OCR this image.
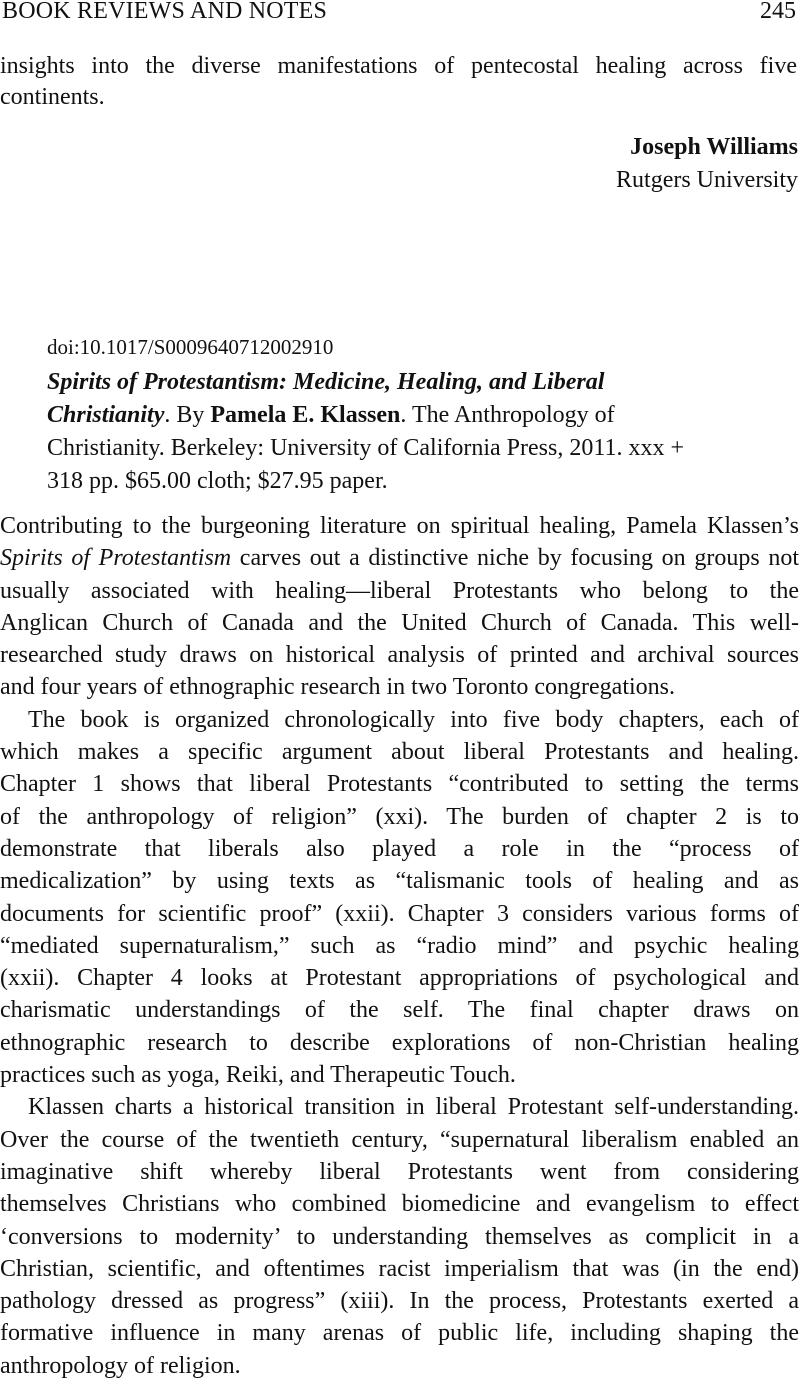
BOOK REVIEWS AND NOTES	245
insights into the diverse manifestations of pentecostal healing across five
continents.
Joseph Williams
Rutgers University
doi:10.1017/S0009640712002910
Spirits of Protestantism: Medicine, Healing, and Liberal
Christianity. By Pamela E. Klassen. The Anthropology of
Christianity. Berkeley: University of California Press, 2011. xxx +
318 pp. $65.00 cloth; $27.95 paper.
Contributing to the burgeoning literature on spiritual healing, Pamela Klassen’s
Spirits of Protestantism carves out a distinctive niche by focusing on groups not
usually associated with healing—liberal Protestants who belong to the
Anglican Church of Canada and the United Church of Canada. This well-
researched study draws on historical analysis of printed and archival sources
and four years of ethnographic research in two Toronto congregations.
The book is organized chronologically into five body chapters, each of
which makes a specific argument about liberal Protestants and healing.
Chapter 1 shows that liberal Protestants “contributed to setting the terms
of the anthropology of religion” (xxi). The burden of chapter 2 is to
demonstrate that liberals also played a role in the “process of
medicalization” by using texts as “talismanic tools of healing and as
documents for scientific proof” (xxii). Chapter 3 considers various forms of
“mediated supernaturalism,” such as “radio mind” and psychic healing
(xxii). Chapter 4 looks at Protestant appropriations of psychological and
charismatic understandings of the self. The final chapter draws on
ethnographic research to describe explorations of non-Christian healing
practices such as yoga, Reiki, and Therapeutic Touch.
Klassen charts a historical transition in liberal Protestant self-understanding.
Over the course of the twentieth century, “supernatural liberalism enabled an
imaginative shift whereby liberal Protestants went from considering
themselves Christians who combined biomedicine and evangelism to effect
‘conversions to modernity’ to understanding themselves as complicit in a
Christian, scientific, and oftentimes racist imperialism that was (in the end)
pathology dressed as progress” (xiii). In the process, Protestants exerted a
formative influence in many arenas of public life, including shaping the
anthropology of religion.
